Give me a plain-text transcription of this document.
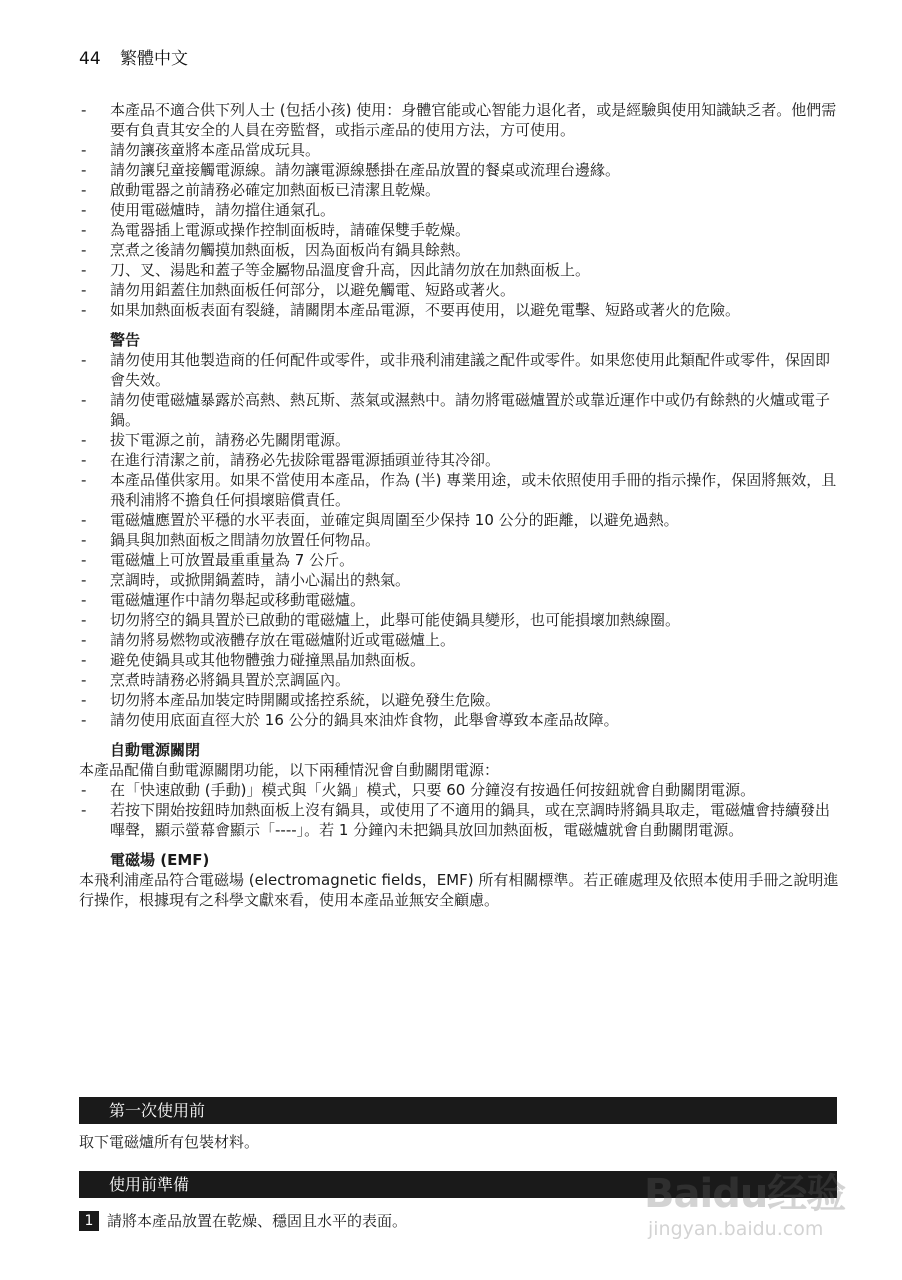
44 繁體中文
- 本產品不適合供下列人士 (包括小孩) 使用：身體官能或心智能力退化者，或是經驗與使用知識缺乏者。他們需要有負責其安全的人員在旁監督，或指示產品的使用方法，方可使用。
- 請勿讓孩童將本產品當成玩具。
- 請勿讓兒童接觸電源線。請勿讓電源線懸掛在產品放置的餐桌或流理台邊緣。
- 啟動電器之前請務必確定加熱面板已清潔且乾燥。
- 使用電磁爐時，請勿擋住通氣孔。
- 為電器插上電源或操作控制面板時，請確保雙手乾燥。
- 烹煮之後請勿觸摸加熱面板，因為面板尚有鍋具餘熱。
- 刀、叉、湯匙和蓋子等金屬物品溫度會升高，因此請勿放在加熱面板上。
- 請勿用鋁蓋住加熱面板任何部分，以避免觸電、短路或著火。
- 如果加熱面板表面有裂縫，請關閉本產品電源，不要再使用，以避免電擊、短路或著火的危險。
警告
- 請勿使用其他製造商的任何配件或零件，或非飛利浦建議之配件或零件。如果您使用此類配件或零件，保固即會失效。
- 請勿使電磁爐暴露於高熱、熱瓦斯、蒸氣或濕熱中。請勿將電磁爐置於或靠近運作中或仍有餘熱的火爐或電子鍋。
- 拔下電源之前，請務必先關閉電源。
- 在進行清潔之前，請務必先拔除電器電源插頭並待其冷卻。
- 本產品僅供家用。如果不當使用本產品，作為 (半) 專業用途，或未依照使用手冊的指示操作，保固將無效，且飛利浦將不擔負任何損壞賠償責任。
- 電磁爐應置於平穩的水平表面，並確定與周圍至少保持 10 公分的距離，以避免過熱。
- 鍋具與加熱面板之間請勿放置任何物品。
- 電磁爐上可放置最重重量為 7 公斤。
- 烹調時，或掀開鍋蓋時，請小心漏出的熱氣。
- 電磁爐運作中請勿舉起或移動電磁爐。
- 切勿將空的鍋具置於已啟動的電磁爐上，此舉可能使鍋具變形，也可能損壞加熱線圈。
- 請勿將易燃物或液體存放在電磁爐附近或電磁爐上。
- 避免使鍋具或其他物體強力碰撞黑晶加熱面板。
- 烹煮時請務必將鍋具置於烹調區內。
- 切勿將本產品加裝定時開關或搖控系統，以避免發生危險。
- 請勿使用底面直徑大於 16 公分的鍋具來油炸食物，此舉會導致本產品故障。
自動電源關閉

本產品配備自動電源關閉功能，以下兩種情況會自動關閉電源：

- 在「快速啟動 (手動)」模式與「火鍋」模式，只要 60 分鐘沒有按過任何按鈕就會自動關閉電源。
- 若按下開始按鈕時加熱面板上沒有鍋具，或使用了不適用的鍋具，或在烹調時將鍋具取走，電磁爐會持續發出嗶聲，顯示螢幕會顯示「----」。若 1 分鐘內未把鍋具放回加熱面板，電磁爐就會自動關閉電源。
電磁場 (EMF)

本飛利浦產品符合電磁場 (electromagnetic fields，EMF) 所有相關標準。若正確處理及依照本使用手冊之說明進行操作，根據現有之科學文獻來看，使用本產品並無安全顧慮。

第一次使用前
取下電磁爐所有包裝材料。
使用前準備
1 請將本產品放置在乾燥、穩固且水平的表面。
Baidu经验
jingyan.baidu.com
